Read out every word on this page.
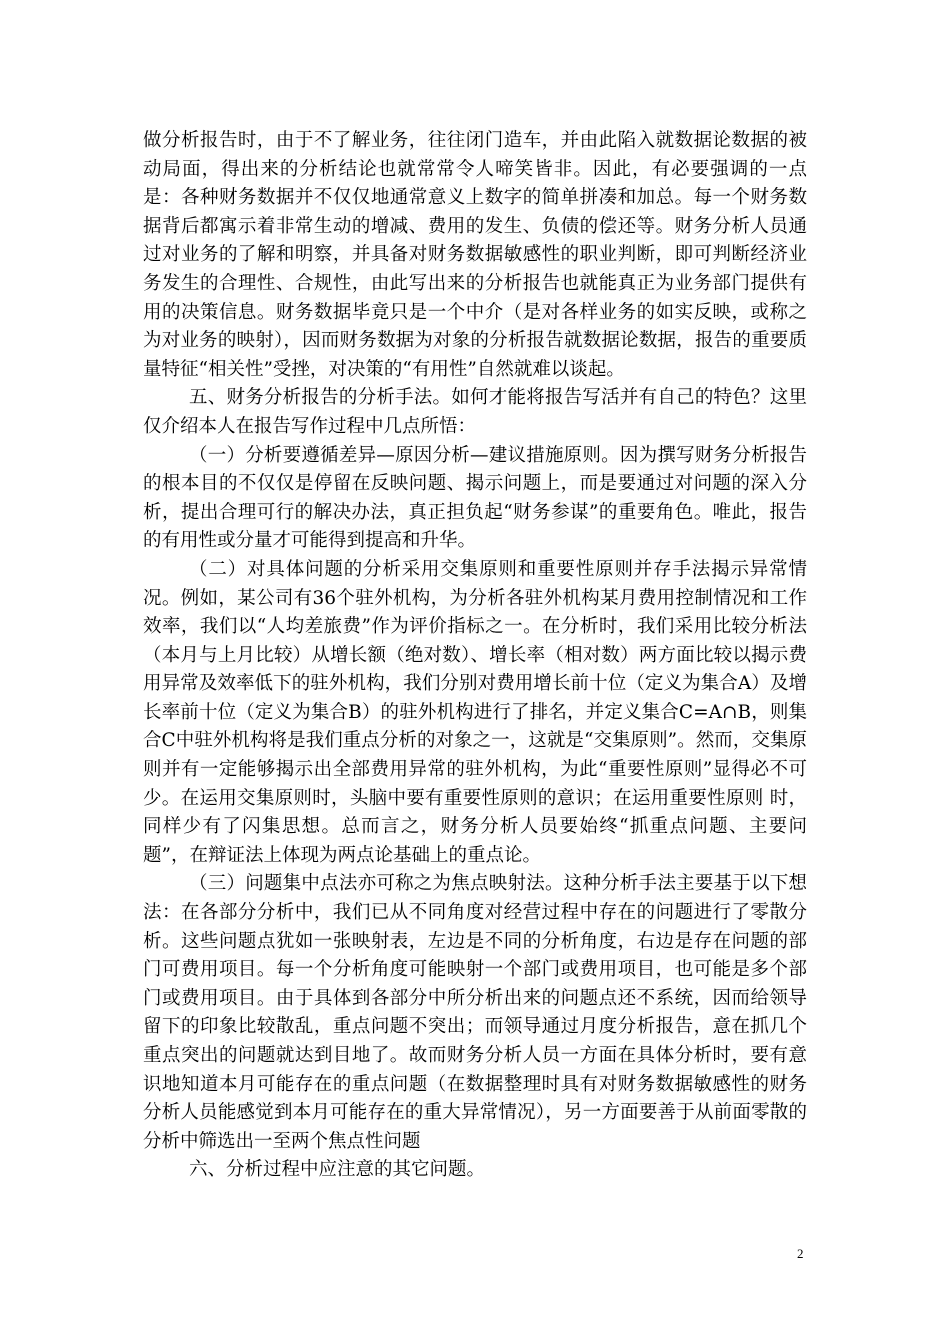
做分析报告时，由于不了解业务，往往闭门造车，并由此陷入就数据论数据的被动局面，得出来的分析结论也就常常令人啼笑皆非。因此，有必要强调的一点是：各种财务数据并不仅仅地通常意义上数字的简单拼凑和加总。每一个财务数据背后都寓示着非常生动的增减、费用的发生、负债的偿还等。财务分析人员通过对业务的了解和明察，并具备对财务数据敏感性的职业判断，即可判断经济业务发生的合理性、合规性，由此写出来的分析报告也就能真正为业务部门提供有用的决策信息。财务数据毕竟只是一个中介（是对各样业务的如实反映，或称之为对业务的映射），因而财务数据为对象的分析报告就数据论数据，报告的重要质量特征“相关性”受挫，对决策的“有用性”自然就难以谈起。

五、财务分析报告的分析手法。如何才能将报告写活并有自己的特色？这里仅介绍本人在报告写作过程中几点所悟：

（一）分析要遵循差异—原因分析—建议措施原则。因为撰写财务分析报告的根本目的不仅仅是停留在反映问题、揭示问题上，而是要通过对问题的深入分析，提出合理可行的解决办法，真正担负起“财务参谋”的重要角色。唯此，报告的有用性或分量才可能得到提高和升华。

（二）对具体问题的分析采用交集原则和重要性原则并存手法揭示异常情况。例如，某公司有36个驻外机构，为分析各驻外机构某月费用控制情况和工作效率，我们以“人均差旅费”作为评价指标之一。在分析时，我们采用比较分析法（本月与上月比较）从增长额（绝对数）、增长率（相对数）两方面比较以揭示费用异常及效率低下的驻外机构，我们分别对费用增长前十位（定义为集合A）及增长率前十位（定义为集合B）的驻外机构进行了排名，并定义集合C=A∩B，则集合C中驻外机构将是我们重点分析的对象之一，这就是“交集原则”。然而，交集原则并有一定能够揭示出全部费用异常的驻外机构，为此“重要性原则”显得必不可少。在运用交集原则时，头脑中要有重要性原则的意识；在运用重要性原则 时，同样少有了闪集思想。总而言之，财务分析人员要始终“抓重点问题、主要问题”，在辩证法上体现为两点论基础上的重点论。

（三）问题集中点法亦可称之为焦点映射法。这种分析手法主要基于以下想法：在各部分分析中，我们已从不同角度对经营过程中存在的问题进行了零散分析。这些问题点犹如一张映射表，左边是不同的分析角度，右边是存在问题的部门可费用项目。每一个分析角度可能映射一个部门或费用项目，也可能是多个部门或费用项目。由于具体到各部分中所分析出来的问题点还不系统，因而给领导留下的印象比较散乱，重点问题不突出；而领导通过月度分析报告，意在抓几个重点突出的问题就达到目地了。故而财务分析人员一方面在具体分析时，要有意识地知道本月可能存在的重点问题（在数据整理时具有对财务数据敏感性的财务分析人员能感觉到本月可能存在的重大异常情况），另一方面要善于从前面零散的分析中筛选出一至两个焦点性问题

六、分析过程中应注意的其它问题。

2
